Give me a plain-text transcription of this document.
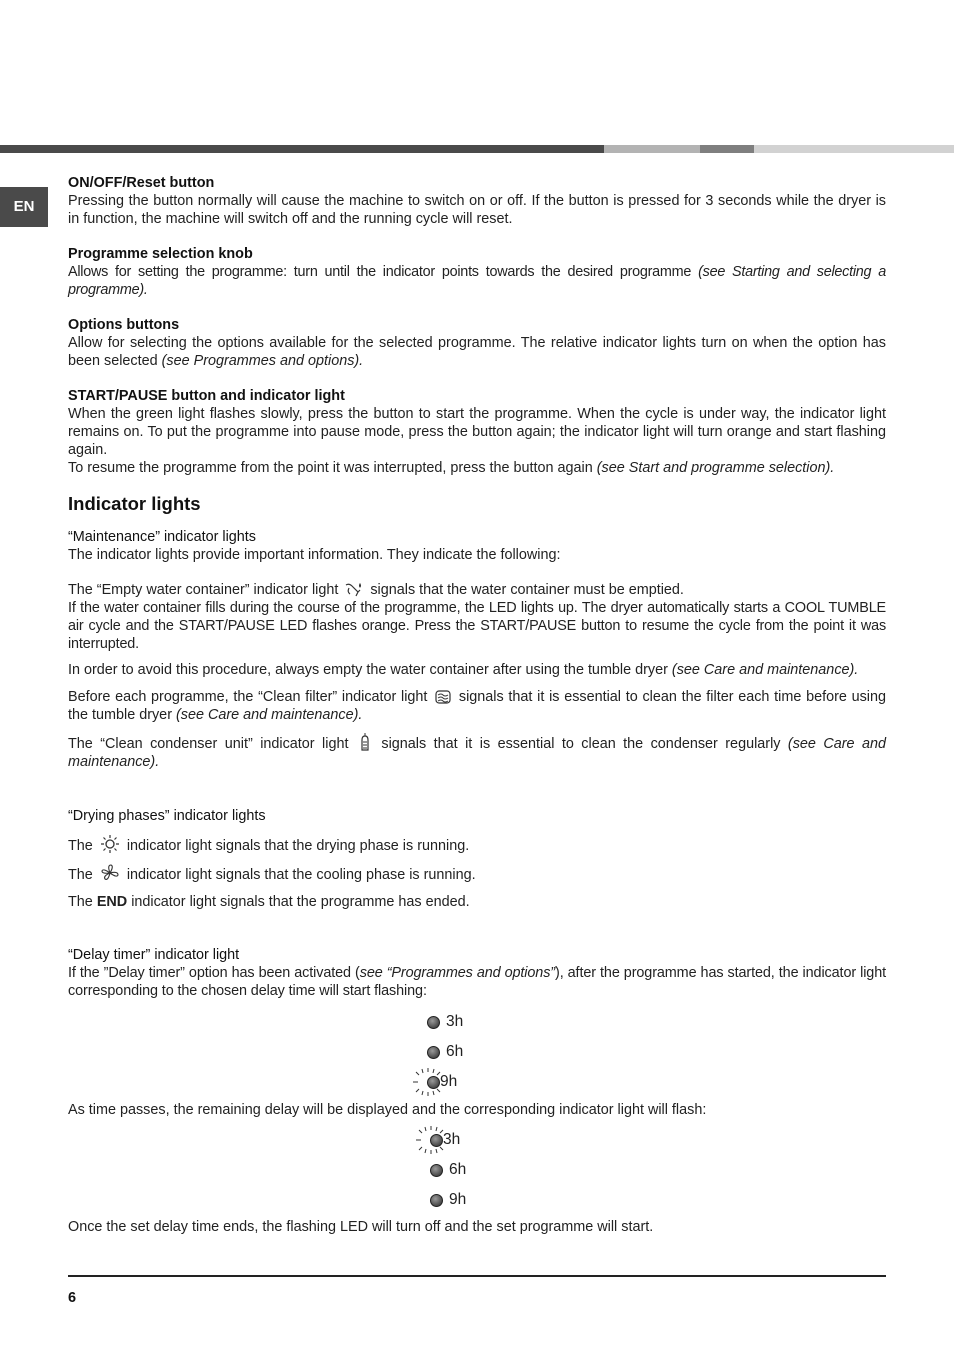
EN
ON/OFF/Reset button

Pressing the button normally will cause the machine to switch on or off. If the button is pressed for 3 seconds while the dryer is in function, the machine will switch off and the running cycle will reset.

Programme selection knob

Allows for setting the programme: turn until the indicator points towards the desired programme (see Starting and selecting a programme).

Options buttons

Allow for selecting the options available for the selected programme. The relative indicator lights turn on when the option has been selected (see Programmes and options).

START/PAUSE button and indicator light

When the green light flashes slowly, press the button to start the programme. When the cycle is under way, the indicator light remains on. To put the programme into pause mode, press the button again; the indicator light will turn orange and start flashing again.

To resume the programme from the point it was interrupted, press the button again (see Start and programme selection).

Indicator lights
“Maintenance” indicator lights

The indicator lights provide important information. They indicate the following:

The “Empty water container” indicator light signals that the water container must be emptied.

If the water container fills during the course of the programme, the LED lights up. The dryer automatically starts a COOL TUMBLE air cycle and the START/PAUSE LED flashes orange. Press the START/PAUSE button to resume the cycle from the point it was interrupted.

In order to avoid this procedure, always empty the water container after using the tumble dryer (see Care and maintenance).

Before each programme, the “Clean filter” indicator light signals that it is essential to clean the filter each time before using the tumble dryer (see Care and maintenance).

The “Clean condenser unit” indicator light signals that it is essential to clean the condenser regularly (see Care and maintenance).

“Drying phases” indicator lights

The indicator light signals that the drying phase is running.

The indicator light signals that the cooling phase is running.

The END indicator light signals that the programme has ended.

“Delay timer” indicator light

If the ”Delay timer” option has been activated (see “Programmes and options”), after the programme has started, the indicator light corresponding to the chosen delay time will start flashing:

3h
6h
9h

As time passes, the remaining delay will be displayed and the corresponding indicator light will flash:

3h
6h
9h

Once the set delay time ends, the flashing LED will turn off and the set programme will start.

6
